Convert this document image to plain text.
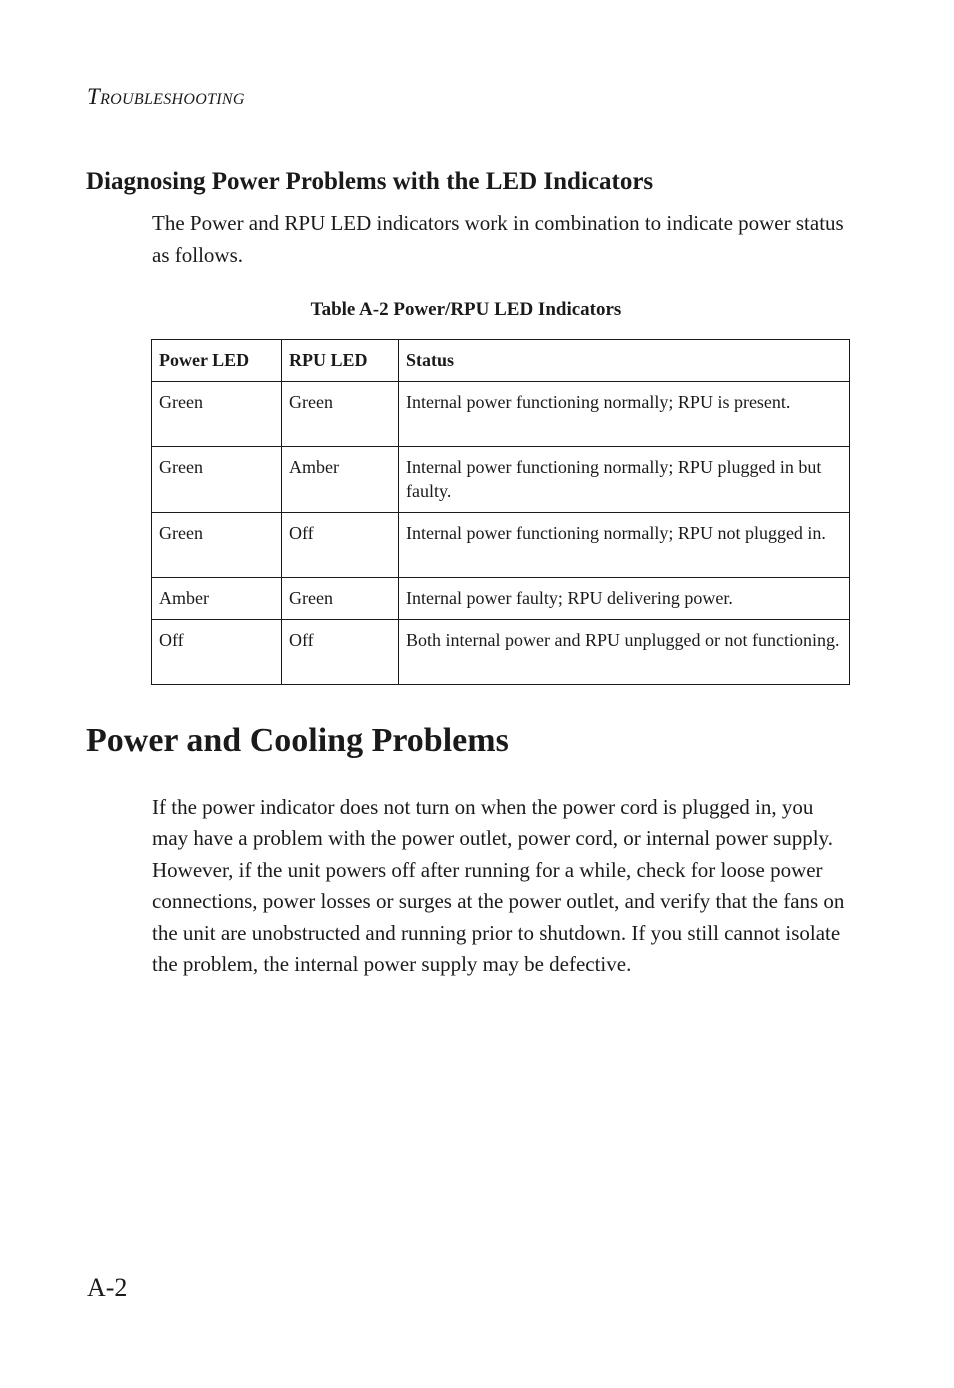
TROUBLESHOOTING
Diagnosing Power Problems with the LED Indicators

The Power and RPU LED indicators work in combination to indicate power status as follows.

Table A-2 Power/RPU LED Indicators

Power LED	RPU LED	Status
Green	Green	Internal power functioning normally; RPU is present.
Green	Amber	Internal power functioning normally; RPU plugged in but faulty.
Green	Off	Internal power functioning normally; RPU not plugged in.
Amber	Green	Internal power faulty; RPU delivering power.
Off	Off	Both internal power and RPU unplugged or not functioning.
Power and Cooling Problems

If the power indicator does not turn on when the power cord is plugged in, you may have a problem with the power outlet, power cord, or internal power supply. However, if the unit powers off after running for a while, check for loose power connections, power losses or surges at the power outlet, and verify that the fans on the unit are unobstructed and running prior to shutdown. If you still cannot isolate the problem, the internal power supply may be defective.

A-2
